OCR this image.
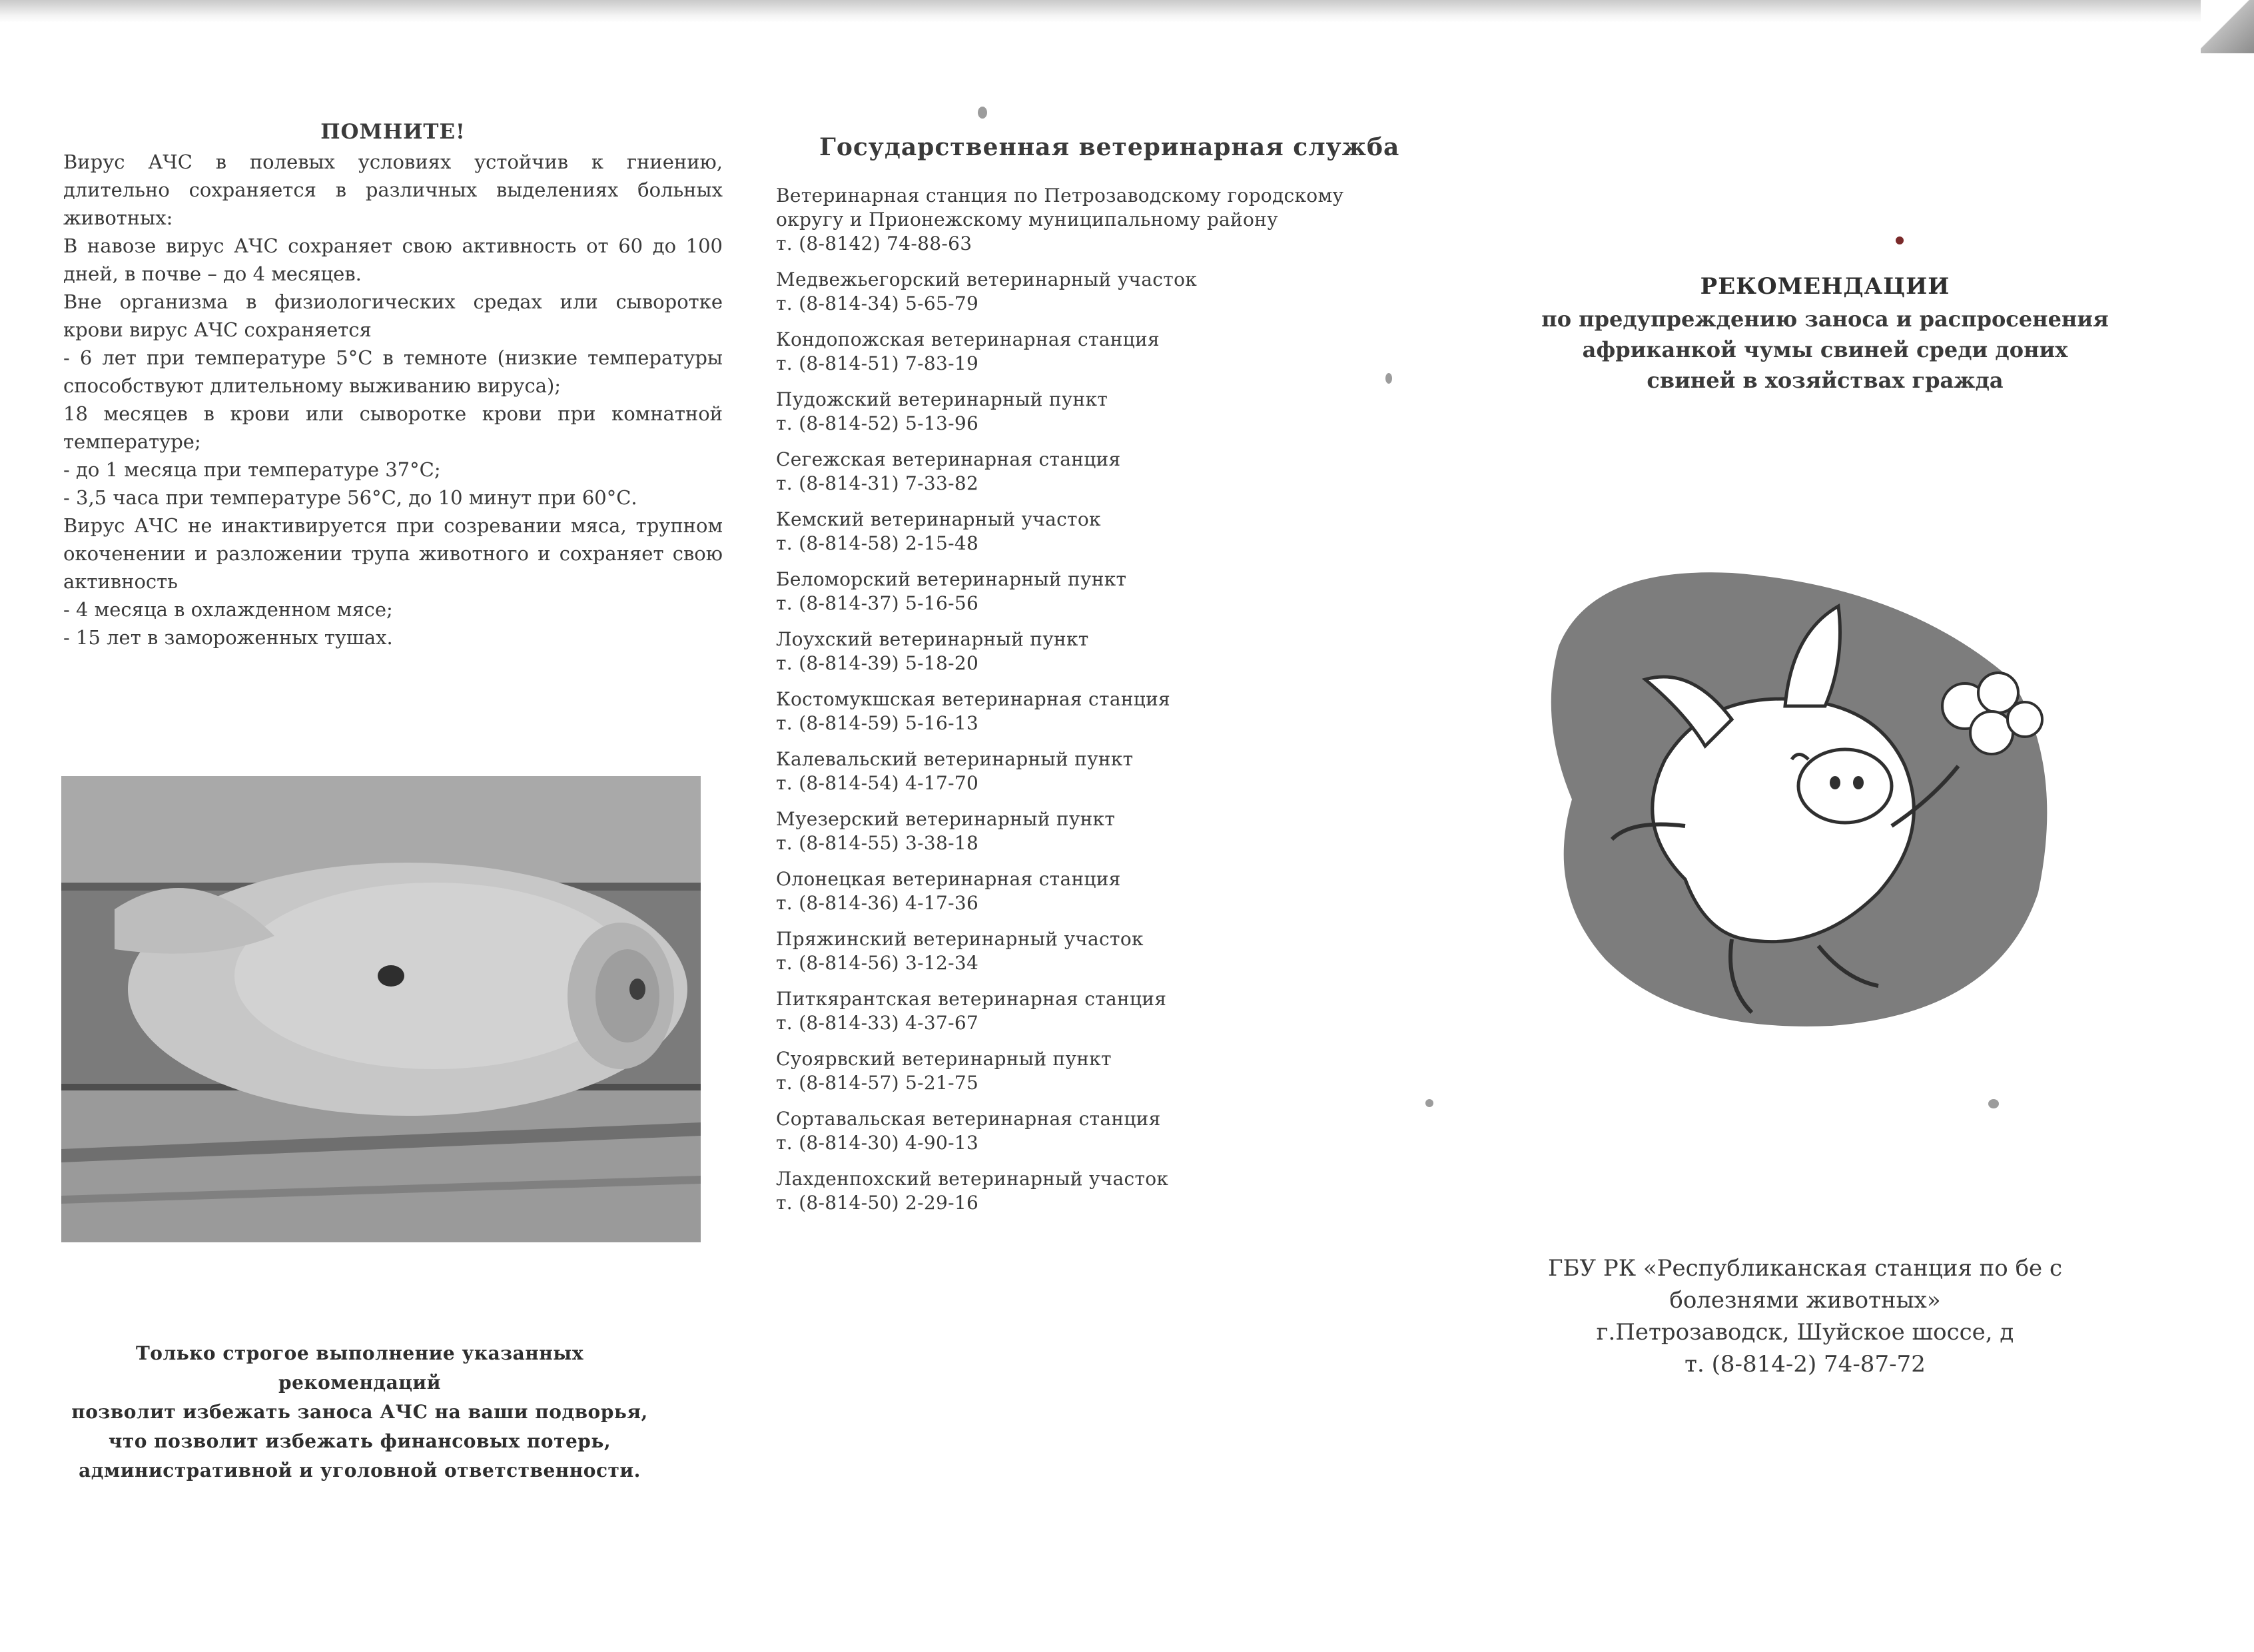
ПОМНИТЕ!

Вирус АЧС в полевых условиях устойчив к гниению,

длительно сохраняется в различных выделениях больных

животных:

В навозе вирус АЧС сохраняет свою активность от 60 до 100

дней, в почве – до 4 месяцев.

Вне организма в физиологических средах или сыворотке

крови вирус АЧС сохраняется

- 6 лет при температуре 5°С в темноте (низкие температуры

способствуют длительному выживанию вируса);

18 месяцев в крови или сыворотке крови при комнатной

температуре;

- до 1 месяца при температуре 37°С;

- 3,5 часа при температуре 56°С, до 10 минут при 60°С.

Вирус АЧС не инактивируется при созревании мяса, трупном

окоченении и разложении трупа животного и сохраняет свою

активность

- 4 месяца в охлажденном мясе;

- 15 лет в замороженных тушах.

Только строгое выполнение указанных рекомендаций

позволит избежать заноса АЧС на ваши подворья,

что позволит избежать финансовых потерь,

административной и уголовной ответственности.

Государственная ветеринарная служба

Ветеринарная станция по Петрозаводскому городскому

округу и Прионежскому муниципальному району

т. (8-8142) 74-88-63

Медвежьегорский ветеринарный участок

т. (8-814-34) 5-65-79

Кондопожская ветеринарная станция

т. (8-814-51) 7-83-19

Пудожский ветеринарный пункт

т. (8-814-52) 5-13-96

Сегежская ветеринарная станция

т. (8-814-31) 7-33-82

Кемский ветеринарный участок

т. (8-814-58) 2-15-48

Беломорский ветеринарный пункт

т. (8-814-37) 5-16-56

Лоухский ветеринарный пункт

т. (8-814-39) 5-18-20

Костомукшская ветеринарная станция

т. (8-814-59) 5-16-13

Калевальский ветеринарный пункт

т. (8-814-54) 4-17-70

Муезерский ветеринарный пункт

т. (8-814-55) 3-38-18

Олонецкая ветеринарная станция

т. (8-814-36) 4-17-36

Пряжинский ветеринарный участок

т. (8-814-56) 3-12-34

Питкярантская ветеринарная станция

т. (8-814-33) 4-37-67

Суоярвский ветеринарный пункт

т. (8-814-57) 5-21-75

Сортавальская ветеринарная станция

т. (8-814-30) 4-90-13

Лахденпохский ветеринарный участок

т. (8-814-50) 2-29-16

РЕКОМЕНДАЦИИ

по предупреждению заноса и распросенения

африканкой чумы свиней среди доних

свиней в хозяйствах гражда

ГБУ РК «Республиканская станция по бе с

болезнями животных»

г.Петрозаводск, Шуйское шоссе, д

т. (8-814-2) 74-87-72
